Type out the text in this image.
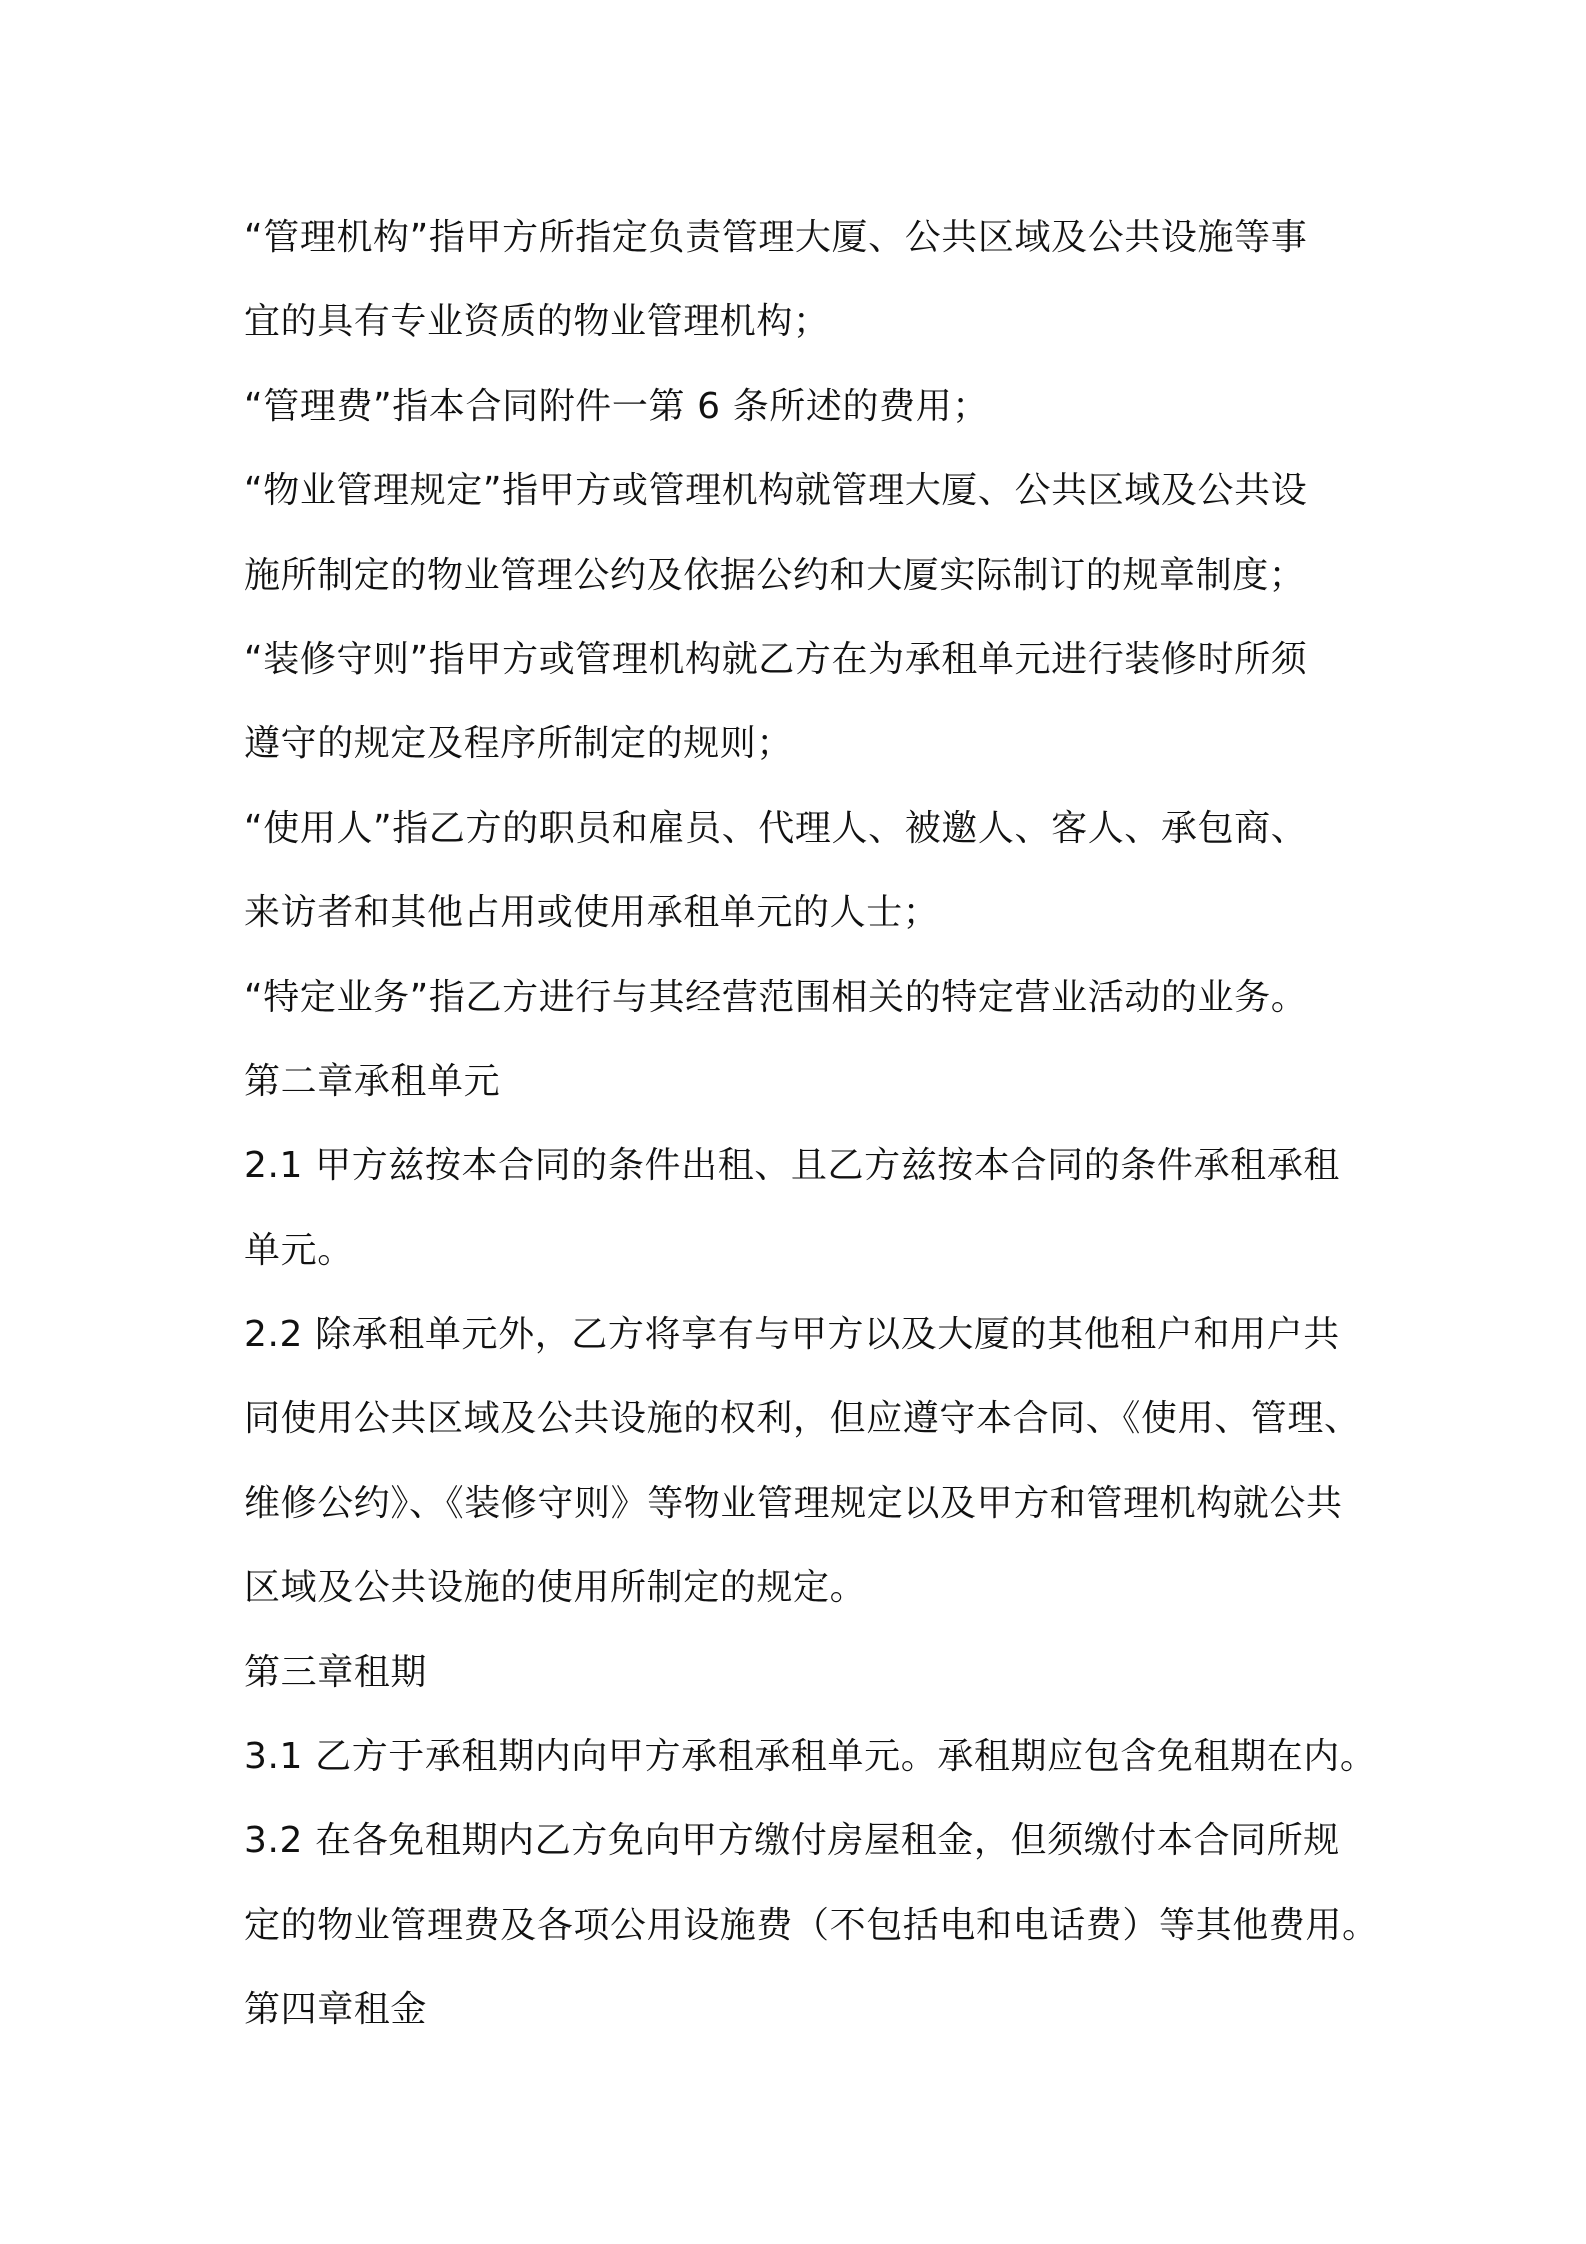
“管理机构”指甲方所指定负责管理大厦、公共区域及公共设施等事
宜的具有专业资质的物业管理机构；
“管理费”指本合同附件一第 6 条所述的费用；
“物业管理规定”指甲方或管理机构就管理大厦、公共区域及公共设
施所制定的物业管理公约及依据公约和大厦实际制订的规章制度；
“装修守则”指甲方或管理机构就乙方在为承租单元进行装修时所须
遵守的规定及程序所制定的规则；
“使用人”指乙方的职员和雇员、代理人、被邀人、客人、承包商、
来访者和其他占用或使用承租单元的人士；
“特定业务”指乙方进行与其经营范围相关的特定营业活动的业务。
第二章承租单元
2.1 甲方兹按本合同的条件出租、且乙方兹按本合同的条件承租承租
单元。
2.2 除承租单元外，乙方将享有与甲方以及大厦的其他租户和用户共
同使用公共区域及公共设施的权利，但应遵守本合同、《使用、管理、
维修公约》、《装修守则》等物业管理规定以及甲方和管理机构就公共
区域及公共设施的使用所制定的规定。
第三章租期
3.1 乙方于承租期内向甲方承租承租单元。承租期应包含免租期在内。
3.2 在各免租期内乙方免向甲方缴付房屋租金，但须缴付本合同所规
定的物业管理费及各项公用设施费（不包括电和电话费）等其他费用。
第四章租金
